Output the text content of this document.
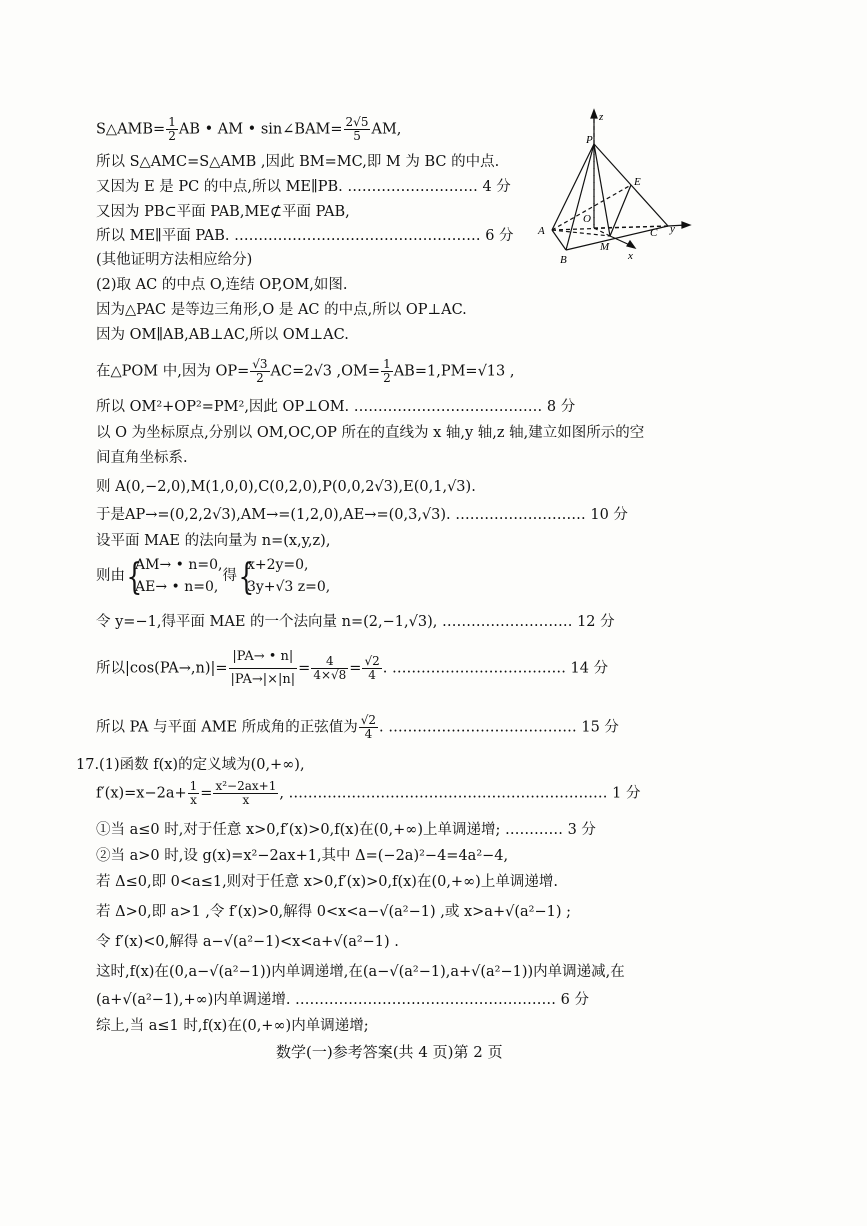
S△AMB= $\frac{1}{2}$ AB • AM • sin∠BAM= $\frac{2√5}{5}$ AM,
所以 S△AMC=S△AMB ,因此 BM=MC,即 M 为 BC 的中点.
又因为 E 是 PC 的中点,所以 ME∥PB. ……………………… 4 分
又因为 PB⊂平面 PAB,ME⊄平面 PAB,
所以 ME∥平面 PAB. …………………………………………… 6 分
(其他证明方法相应给分)
(2)取 AC 的中点 O,连结 OP,OM,如图.
因为△PAC 是等边三角形,O 是 AC 的中点,所以 OP⊥AC.
因为 OM∥AB,AB⊥AC,所以 OM⊥AC.
在△POM 中,因为 $OP= \frac{√3}{2} AC=2√3$ $,OM= \frac{1}{2} AB=1,PM=√13$ ,
所以 OM²+OP²=PM²,因此 OP⊥OM. ………………………………… 8 分
以 O 为坐标原点,分别以 OM,OC,OP 所在的直线为 x 轴,y 轴,z 轴,建立如图所示的空
间直角坐标系.
则 A(0,−2,0),M(1,0,0),C(0,2,0),P(0,0,2√3),E(0,1,√3).
于是AP→=(0,2,2√3),AM→=(1,2,0),AE→=(0,3,√3). ……………………… 10 分
设平面 MAE 的法向量为 n=(x,y,z),
则由
{ AM→ • n=0,
AE→ • n=0,
得
{ x+2y=0,
3y+√3 z=0,
令 y=−1,得平面 MAE 的一个法向量 n=(2,−1,√3), ……………………… 12 分
所以$|\cos(PA\to,n)|= \frac{|PA\to • n|}{|PA\to|\times|n|} = \frac{4}{4\times√8} = \frac{√2}{4}$ . ……………………………… 14 分
所以 PA 与平面 AME 所成角的正弦值为 $\frac{√2}{4}$ . ………………………………… 15 分
17.(1)函数 f(x)的定义域为(0,+∞),
$f'(x)=x-2a+ \frac{1}{x} = \frac{\text{x²−2ax+1}}{x}$ , ………………………………………………………… 1 分
①当 a≤0 时,对于任意 x>0,f′(x)>0,f(x)在(0,+∞)上单调递增; ………… 3 分
②当 a>0 时,设 g(x)=x²−2ax+1,其中 Δ=(−2a)²−4=4a²−4,
若 Δ≤0,即 0<a≤1,则对于任意 x>0,f′(x)>0,f(x)在(0,+∞)上单调递增.
若 Δ>0,即 a>1 ,令 f′(x)>0,解得 0<x<a−√(a²−1) ,或 x>a+√(a²−1) ;
令 f′(x)<0,解得 a−√(a²−1)<x<a+√(a²−1) .
这时,f(x)在(0,a−√(a²−1))内单调递增,在(a−√(a²−1),a+√(a²−1))内单调递减,在
(a+√(a²−1),+∞)内单调递增. ……………………………………………… 6 分
综上,当 a≤1 时,f(x)在(0,+∞)内单调递增;
数学(一)参考答案(共 4 页)第 2 页
z
P
E
O
A
M
C y
B	x
